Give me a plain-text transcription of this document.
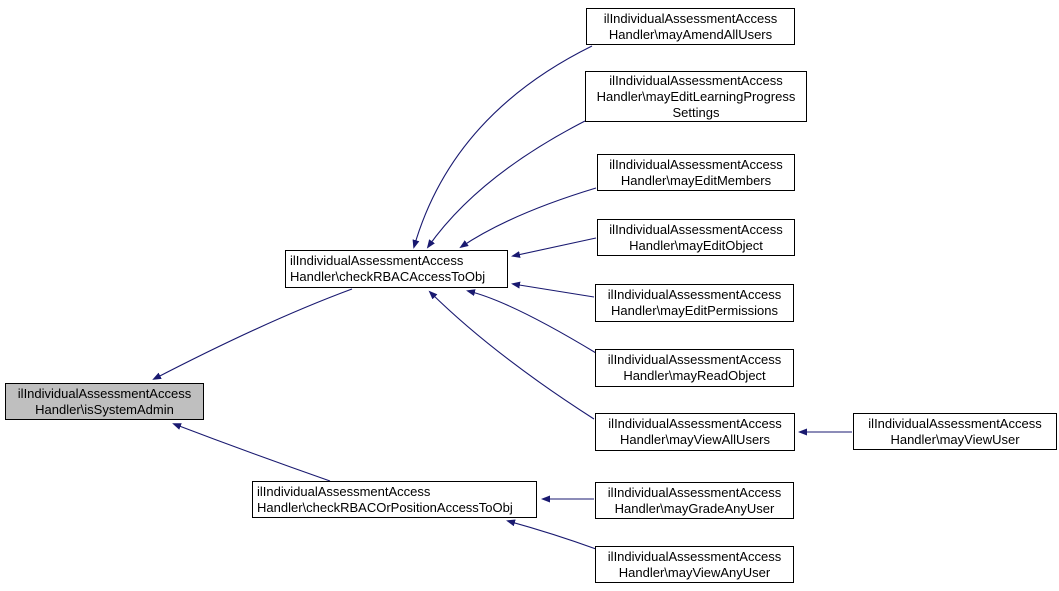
ilIndividualAssessmentAccess
Handler\isSystemAdmin
ilIndividualAssessmentAccess
Handler\checkRBACAccessToObj
ilIndividualAssessmentAccess
Handler\checkRBACOrPositionAccessToObj
ilIndividualAssessmentAccess
Handler\mayAmendAllUsers
ilIndividualAssessmentAccess
Handler\mayEditLearningProgress
Settings
ilIndividualAssessmentAccess
Handler\mayEditMembers
ilIndividualAssessmentAccess
Handler\mayEditObject
ilIndividualAssessmentAccess
Handler\mayEditPermissions
ilIndividualAssessmentAccess
Handler\mayReadObject
ilIndividualAssessmentAccess
Handler\mayViewAllUsers
ilIndividualAssessmentAccess
Handler\mayViewUser
ilIndividualAssessmentAccess
Handler\mayGradeAnyUser
ilIndividualAssessmentAccess
Handler\mayViewAnyUser
